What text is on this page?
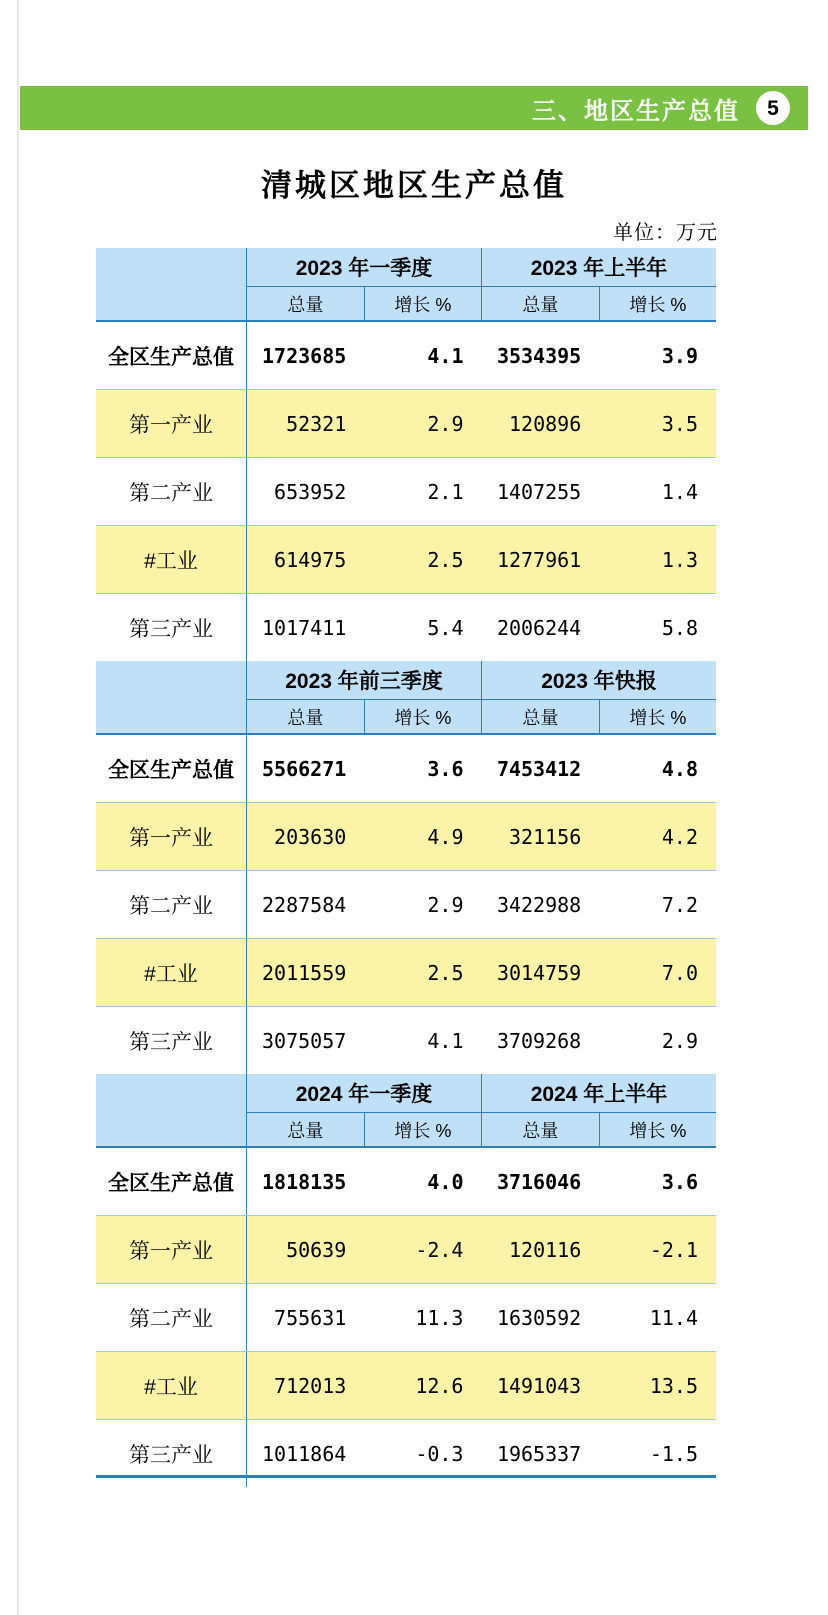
三、地区生产总值	5
清城区地区生产总值
单位：万元
	2023 年一季度		2023 年上半年	
	总量	增长 %	总量	增长 %
全区生产总值	1723685	4.1	3534395	3.9
第一产业	52321	2.9	120896	3.5
第二产业	653952	2.1	1407255	1.4
#工业	614975	2.5	1277961	1.3
第三产业	1017411	5.4	2006244	5.8
	2023 年前三季度		2023 年快报	
	总量	增长 %	总量	增长 %
全区生产总值	5566271	3.6	7453412	4.8
第一产业	203630	4.9	321156	4.2
第二产业	2287584	2.9	3422988	7.2
#工业	2011559	2.5	3014759	7.0
第三产业	3075057	4.1	3709268	2.9
	2024 年一季度		2024 年上半年	
	总量	增长 %	总量	增长 %
全区生产总值	1818135	4.0	3716046	3.6
第一产业	50639	-2.4	120116	-2.1
第二产业	755631	11.3	1630592	11.4
#工业	712013	12.6	1491043	13.5
第三产业	1011864	-0.3	1965337	-1.5
